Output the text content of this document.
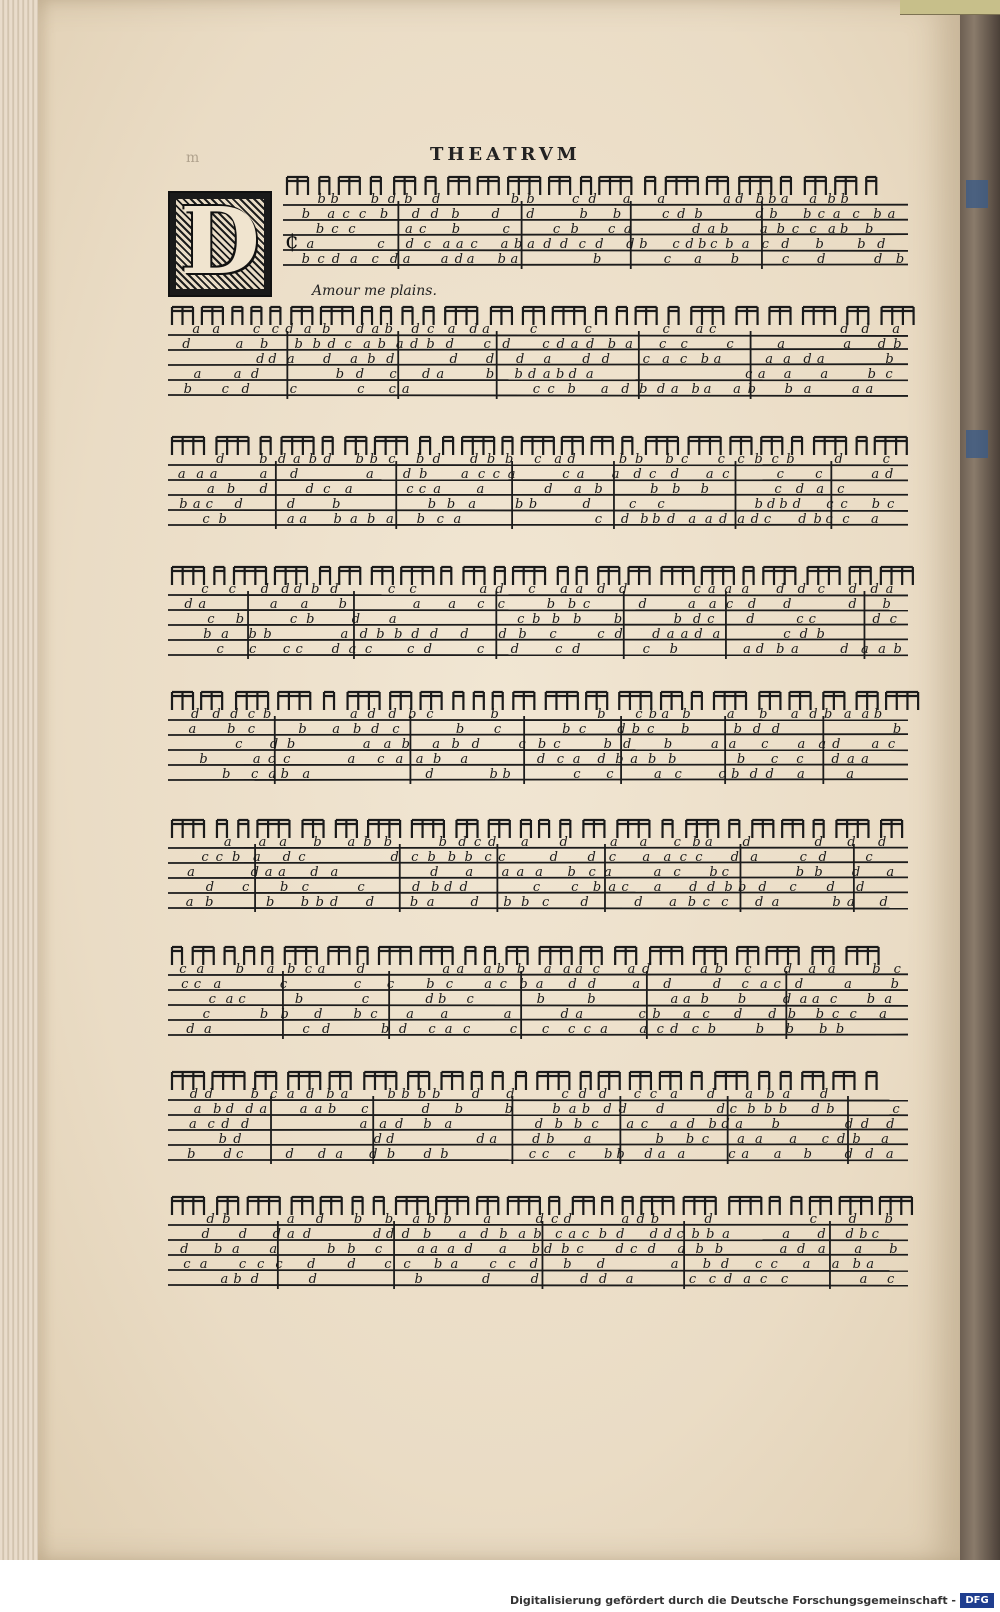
m	THEATRVM
D	Amour me plains.
b b b d b d	b b	c d a a	a d b b a a b b
b a c c b d d b d d	b b	c d b	d b b c a c b a
b c c	a c b	c	c b c a	d a b a b c c a b b
a	c d c a a c a b a d d c d d b c d b c b a c d b	b d
b c d a c d a a d a b a	b	c a b	c d	d b
a a	c c d a b d a b d c a d a	c	c	c a c	d d a
d	a b b b d c a b a d b d c d c d a d b a c c	c	a	a d b
d d a d a b d	d d d a d d	c a c b a	a a d a	b
a a d	b d c d a	b b d a b d a	c a a a	b c
b c d	c	c c a	c c b a d b d a b a a b b a	a a
d	b d a b d b b c b d d b b c a d	b b b c c c b c b	d	c
a a a	a d	a d b	a c c a	c a a d c d a c	c c	a d
a b d	d c a	c c a	a	d a b	b b b	c d a c
b a c d	d	b	b b a	b b	d	c c	b d b d c c b c
c b	a a b a b a b c a	c d b b d a a d a d c d b c c a
c c d d d b d	c c	a d c a a d d	c a a a d d c d d a
d a	a a b	a a c c	b b c	d	a a c d d	d b
c b	c b	d a	c b b b b	b d c d	c c	d c
b a b b	a d b b d d d d b c	c d d a a d a	c d b
c c c c d a c	c d	c d	c d	c b	a d b a	d a a b
d d d c b	a d d b c	b	b c b a b	a b a d b a a b
a b c	b a b d c	b c	b c d b c b	b d d	b
c d b	a a b a b d	c b c	b d	b	a a c a a d a c
b	a c c	a c a a b a	d c a d b a b b	b c c d a a
b c a b a	d	b b	c c	a c	c b d d a	a
a a a b a b b	b d c d a d	a a c b a d	d d d
c c b a d c	d c b b b c c	d d c a a c c d a	c d	c
a	d a a d a	d a a a a b c a	a c b c	b b d a
d c b c	c	d b d d	c c b a c a d d b b d c d d
a b	b b b d d	b a	d b b c d	d a b c c d a	b a d
c a b a b c a d	a a a b b a a a c a d	a b c d a a	b c
c c a	c	c c b c a c b a d d	a d	d c a c d	a	b
c a c	b	c	d b c	b	b	a a b b	d a a c b a
c	b b d b c a a	a	d a	c b a c d d b b c c a
d a	c d	b d c a c	c c c c a a c d c b	b b b b
d d	b c a d b a	b b b b d d	c d d c c a d a b a d
a b d d a	a a b c	d b	b	b a b d d d	d c b b b d b	c
a c d d	a a d b a	d b b c a c a d b d a b	d d d
b d	d d	d a	d b a	b b c a a a c d b a
b d c	d d a d b d b	c c c b b d a a	c a a b	d d a
d b	a d b b a b b a	d c d	a d b	d	c d b
d d d a d	d d d b a d b a b c a c b d d d c b b a	a d d b c
d b a a	b b c	a a a d a b d b c d c d a b b	a d a a b
c a c c c d d c c b a c c d b d	a b d c c a a b a
a b d	d	b	d	d	d d a	c c d a c c	a c
¢
Digitalisierung gefördert durch die Deutsche Forschungsgemeinschaft - DFG
